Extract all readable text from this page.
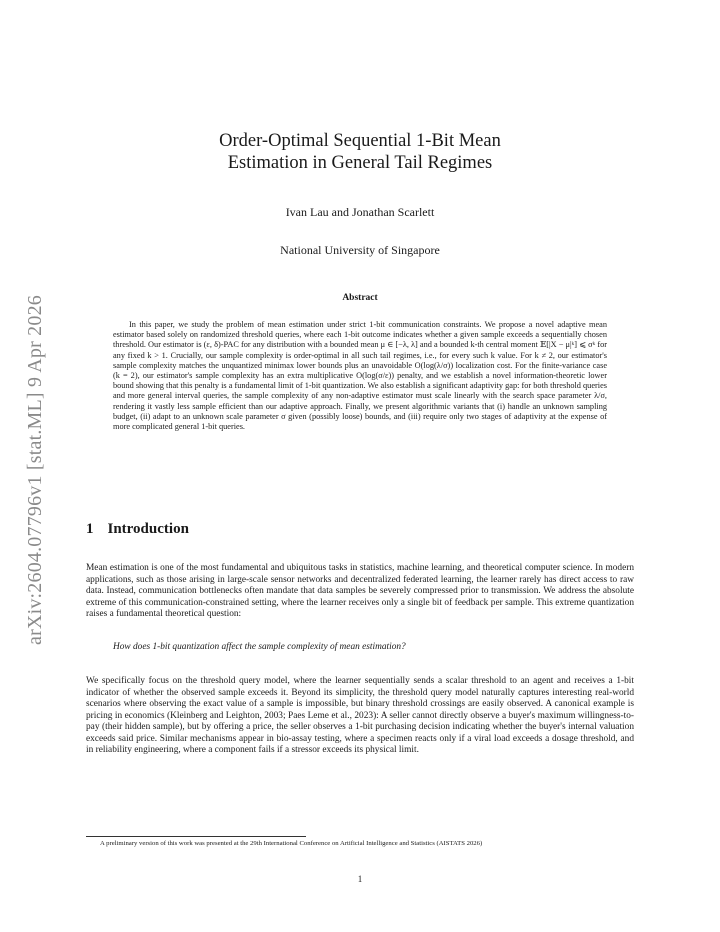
arXiv:2604.07796v1 [stat.ML] 9 Apr 2026
Order-Optimal Sequential 1-Bit Mean
Estimation in General Tail Regimes
Ivan Lau and Jonathan Scarlett
National University of Singapore
Abstract
In this paper, we study the problem of mean estimation under strict 1-bit communication constraints. We propose a novel adaptive mean estimator based solely on randomized threshold queries, where each 1-bit outcome indicates whether a given sample exceeds a sequentially chosen threshold. Our estimator is (ε, δ)-PAC for any distribution with a bounded mean μ ∈ [−λ, λ] and a bounded k-th central moment 𝔼[|X − μ|ᵏ] ⩽ σᵏ for any fixed k > 1. Crucially, our sample complexity is order-optimal in all such tail regimes, i.e., for every such k value. For k ≠ 2, our estimator's sample complexity matches the unquantized minimax lower bounds plus an unavoidable O(log(λ/σ)) localization cost. For the finite-variance case (k = 2), our estimator's sample complexity has an extra multiplicative O(log(σ/ε)) penalty, and we establish a novel information-theoretic lower bound showing that this penalty is a fundamental limit of 1-bit quantization. We also establish a significant adaptivity gap: for both threshold queries and more general interval queries, the sample complexity of any non-adaptive estimator must scale linearly with the search space parameter λ/σ, rendering it vastly less sample efficient than our adaptive approach. Finally, we present algorithmic variants that (i) handle an unknown sampling budget, (ii) adapt to an unknown scale parameter σ given (possibly loose) bounds, and (iii) require only two stages of adaptivity at the expense of more complicated general 1-bit queries.
1 Introduction

Mean estimation is one of the most fundamental and ubiquitous tasks in statistics, machine learning, and theoretical computer science. In modern applications, such as those arising in large-scale sensor networks and decentralized federated learning, the learner rarely has direct access to raw data. Instead, communication bottlenecks often mandate that data samples be severely compressed prior to transmission. We address the absolute extreme of this communication-constrained setting, where the learner receives only a single bit of feedback per sample. This extreme quantization raises a fundamental theoretical question:

How does 1-bit quantization affect the sample complexity of mean estimation?

We specifically focus on the threshold query model, where the learner sequentially sends a scalar threshold to an agent and receives a 1-bit indicator of whether the observed sample exceeds it. Beyond its simplicity, the threshold query model naturally captures interesting real-world scenarios where observing the exact value of a sample is impossible, but binary threshold crossings are easily observed. A canonical example is pricing in economics (Kleinberg and Leighton, 2003; Paes Leme et al., 2023): A seller cannot directly observe a buyer's maximum willingness-to-pay (their hidden sample), but by offering a price, the seller observes a 1-bit purchasing decision indicating whether the buyer's internal valuation exceeds said price. Similar mechanisms appear in bio-assay testing, where a specimen reacts only if a viral load exceeds a dosage threshold, and in reliability engineering, where a component fails if a stressor exceeds its physical limit.

A preliminary version of this work was presented at the 29th International Conference on Artificial Intelligence and Statistics (AISTATS 2026)
1
